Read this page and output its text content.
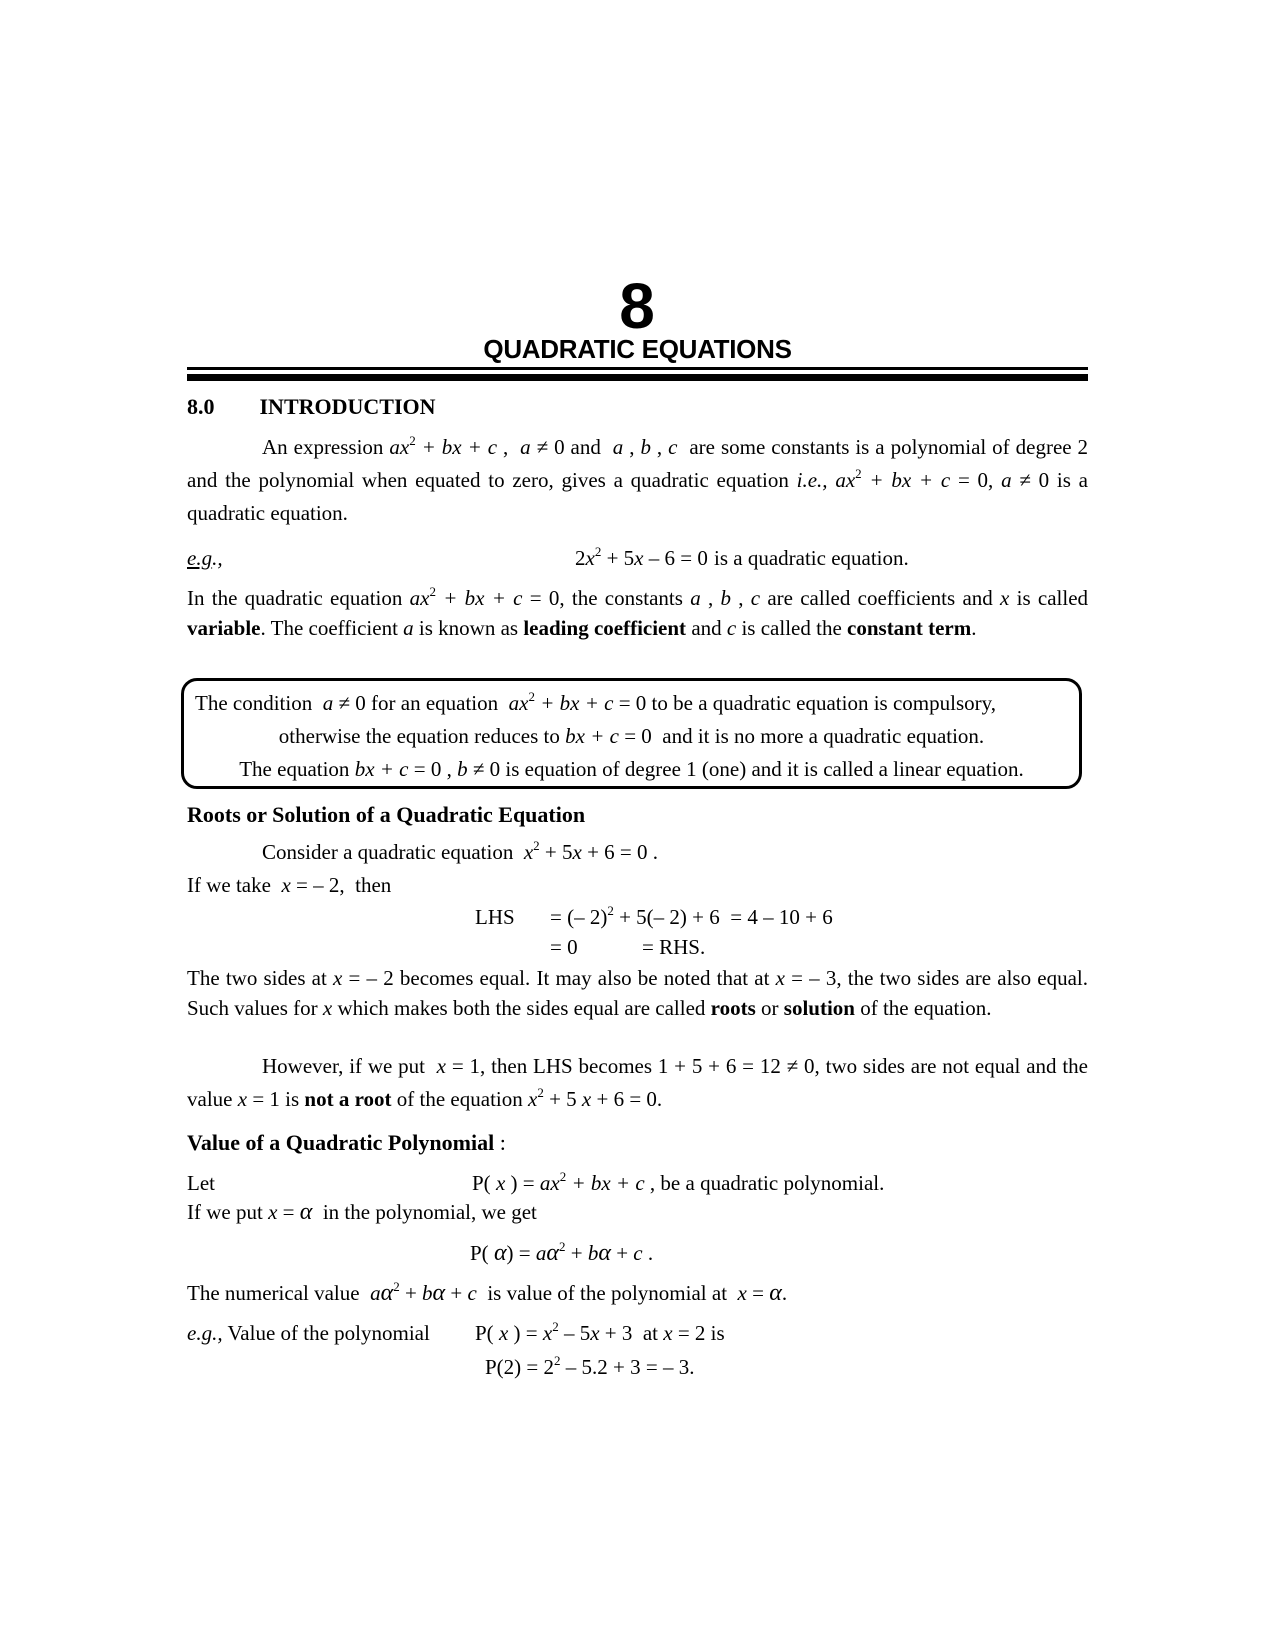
8
QUADRATIC EQUATIONS
8.0 INTRODUCTION
An expression $ax^2$ + bx + c ,  a ≠ 0 and  a , b , c  are some constants is a polynomial of degree 2 and the polynomial when equated to zero, gives a quadratic equation i.e., $ax^2$ + bx + c = 0, a ≠ 0 is a quadratic equation.
e.g.,	$2x^2 + 5x - 6 = 0$ is a quadratic equation.
In the quadratic equation $ax^2$ + bx + c = 0, the constants a , b , c are called coefficients and x is called variable. The coefficient a is known as leading coefficient and c is called the constant term.
The condition  a ≠ 0 for an equation  $ax^2$ + bx + c = 0 to be a quadratic equation is compulsory,
otherwise the equation reduces to bx + c = 0  and it is no more a quadratic equation.
The equation bx + c = 0 , b ≠ 0 is equation of degree 1 (one) and it is called a linear equation.
Roots or Solution of a Quadratic Equation
Consider a quadratic equation  $x^2 + 5x + 6 = 0$ .
If we take  x = – 2,  then
LHS = (– 2)$^2$ + 5(– 2) + 6  = 4 – 10 + 6
= 0	= RHS.
The two sides at x = – 2 becomes equal. It may also be noted that at x = – 3, the two sides are also equal. Such values for x which makes both the sides equal are called roots or solution of the equation.
However, if we put  x = 1, then LHS becomes 1 + 5 + 6 = 12 ≠ 0, two sides are not equal and the value x = 1 is not a root of the equation $x^2 + 5$ x + 6 = 0.
Value of a Quadratic Polynomial :
Let	P( x ) = $ax^2$ + bx + c , be a quadratic polynomial.
If we put x = α  in the polynomial, we get
P( $\alpha) = a\alpha^2 + b\alpha + c$ .
The numerical value  $a\alpha^2 + b\alpha + c$  is value of the polynomial at  x = α.
e.g., Value of the polynomial P( x ) = $x^2 - 5x + 3$  at x = 2 is
$P(2) = 2^2 - 5.2 + 3$ = – 3.
